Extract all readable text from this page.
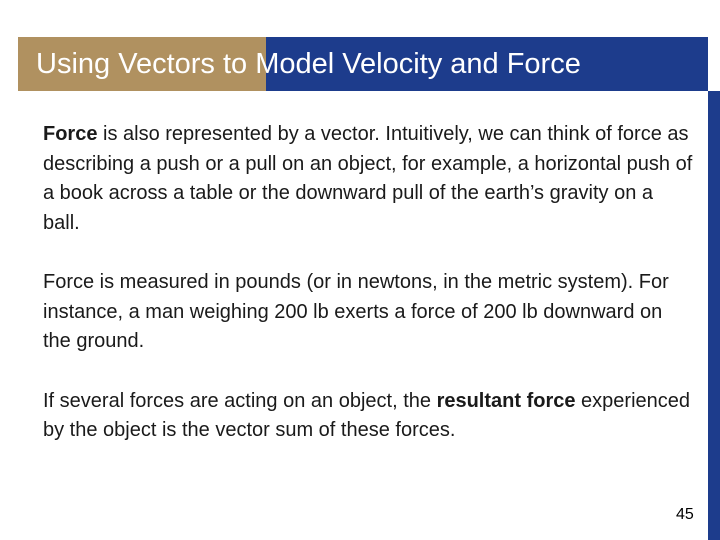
Using Vectors to Model Velocity and Force

Force is also represented by a vector. Intuitively, we can think of force as describing a push or a pull on an object, for example, a horizontal push of a book across a table or the downward pull of the earth’s gravity on a ball.

Force is measured in pounds (or in newtons, in the metric system). For instance, a man weighing 200 lb exerts a force of 200 lb downward on the ground.

If several forces are acting on an object, the resultant force experienced by the object is the vector sum of these forces.

45
